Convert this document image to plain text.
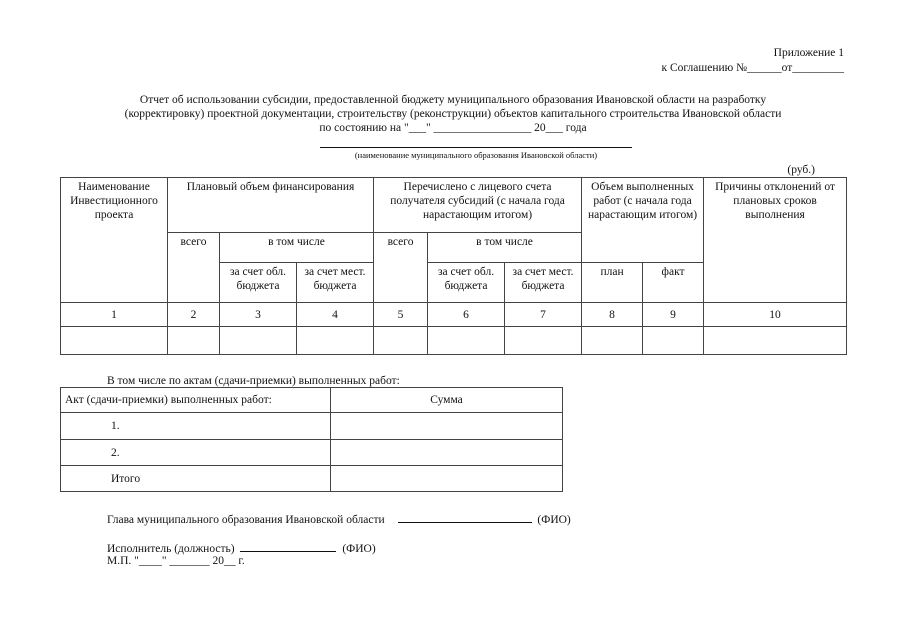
Приложение 1
к Соглашению №______от_________
Отчет об использовании субсидии, предоставленной бюджету муниципального образования Ивановской области на разработку
(корректировку) проектной документации, строительству (реконструкции) объектов капитального строительства Ивановской области
по состоянию на "___" _________________ 20___ года
(наименование муниципального образования Ивановской области)
(руб.)
Наименование Инвестиционного проекта	Плановый объем финансирования			Перечислено с лицевого счета получателя субсидий (с начала года нарастающим итогом)			Объем выполненных работ (с начала года нарастающим итогом)		Причины отклонений от плановых сроков выполнения
	всего	в том числе		всего	в том числе				
		за счет обл. бюджета	за счет мест. бюджета		за счет обл. бюджета	за счет мест. бюджета	план	факт	
1	2	3	4	5	6	7	8	9	10

В том числе по актам (сдачи-приемки) выполненных работ:
Акт (сдачи-приемки) выполненных работ:	Сумма
1.	
2.	
Итого	
Глава муниципального образования Ивановской области	(ФИО)
Исполнитель (должность)	(ФИО)
М.П. "____" _______ 20__ г.
